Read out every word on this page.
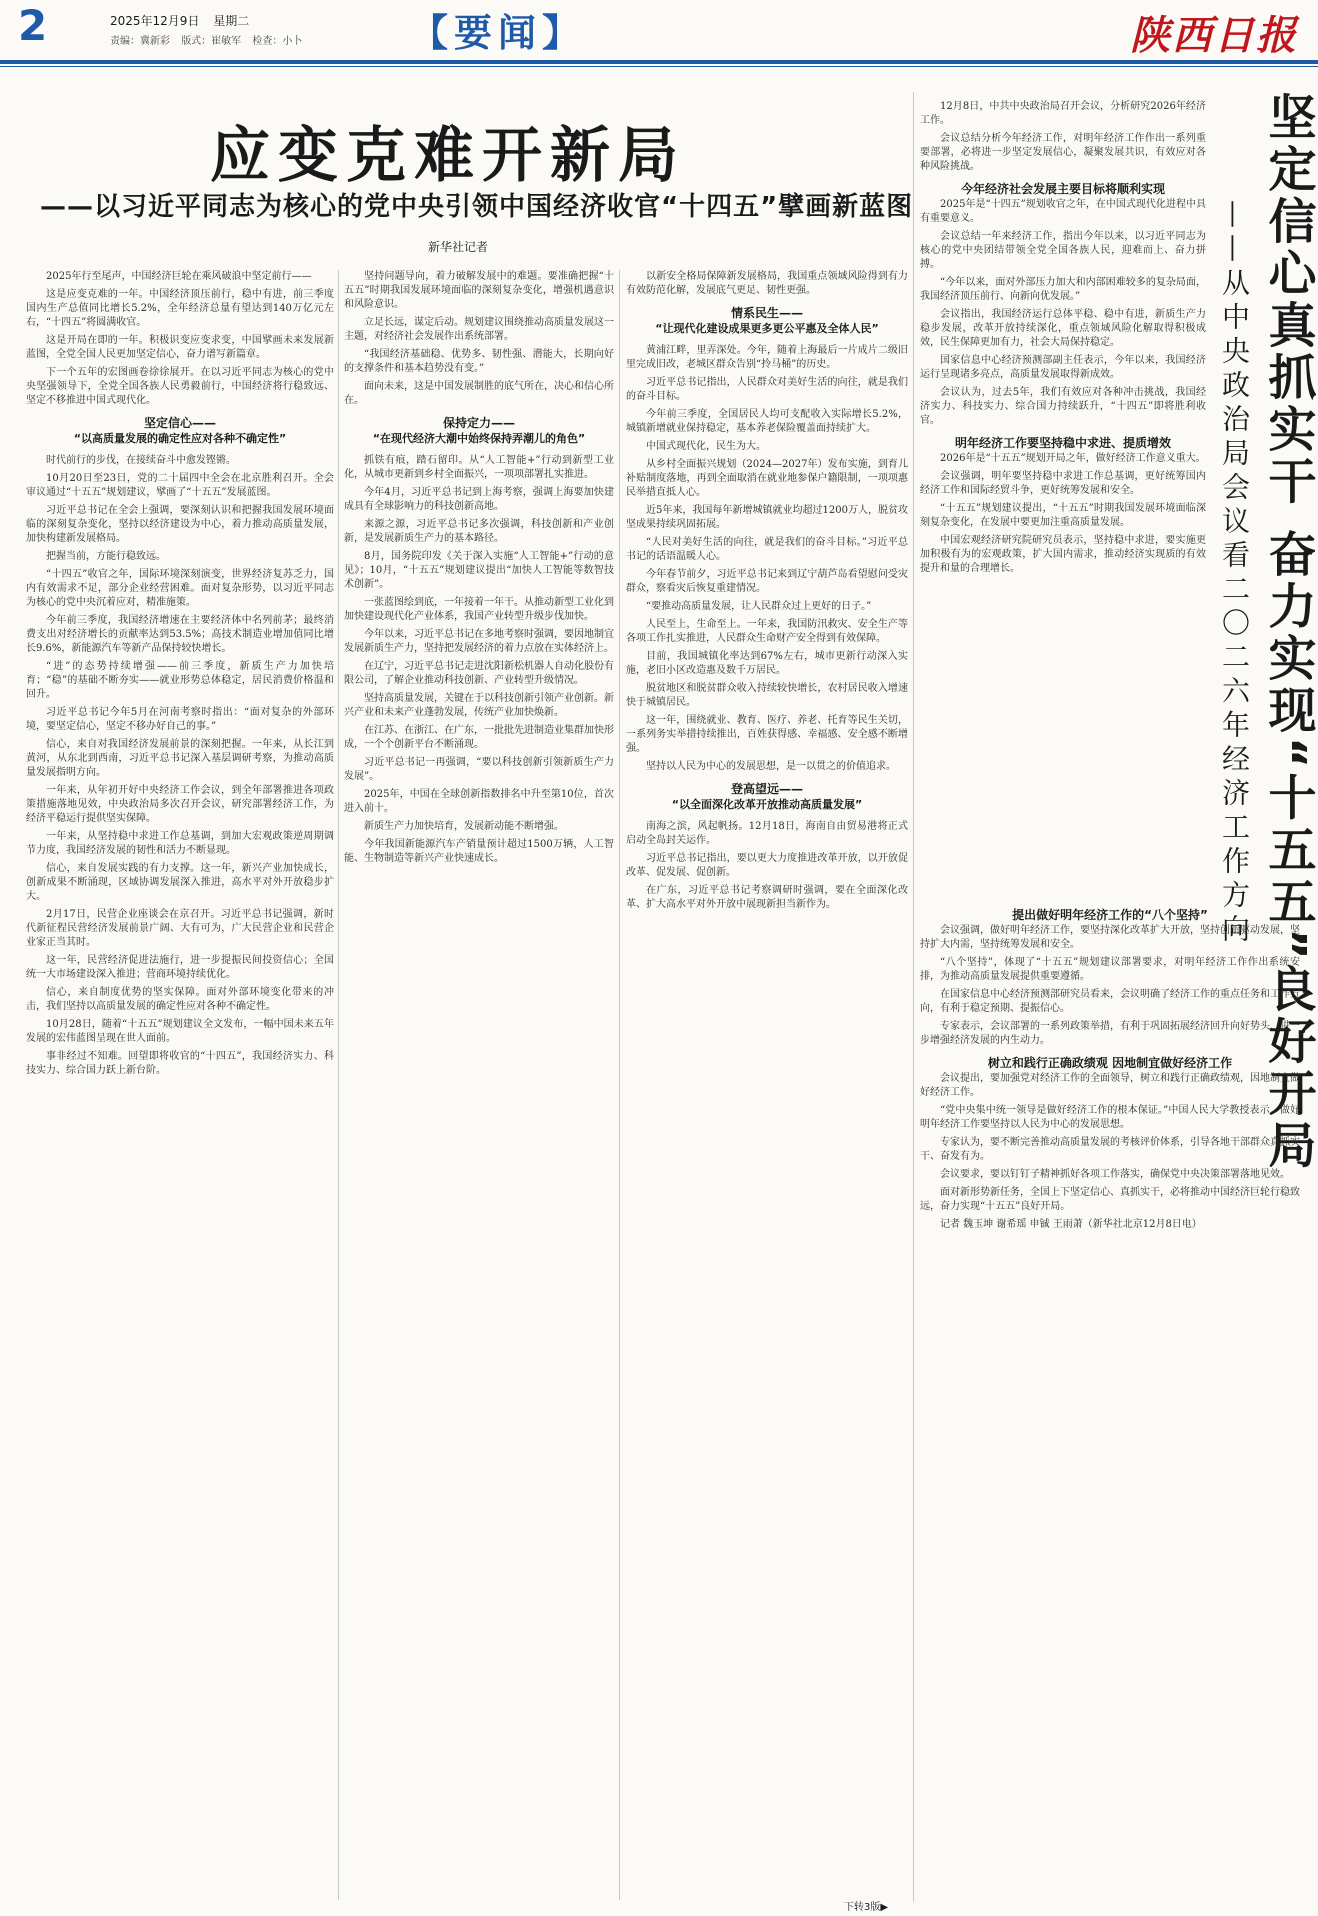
2	2025年12月9日 星期二
责编：冀新彩 版式：崔敏军 检查：小卜	【要闻】	陕西日报
应变克难开新局
——以习近平同志为核心的党中央引领中国经济收官“十四五”擘画新蓝图
新华社记者	坚定信心真抓实干 奋力实现“十五五”良好开局
——从中央政治局会议看二〇二六年经济工作方向

2025年行至尾声，中国经济巨轮在乘风破浪中坚定前行——

这是应变克难的一年。中国经济顶压前行，稳中有进，前三季度国内生产总值同比增长5.2%，全年经济总量有望达到140万亿元左右，“十四五”将圆满收官。

这是开局在即的一年。积极识变应变求变，中国擘画未来发展新蓝图，全党全国人民更加坚定信心，奋力谱写新篇章。

下一个五年的宏图画卷徐徐展开。在以习近平同志为核心的党中央坚强领导下，全党全国各族人民勇毅前行，中国经济将行稳致远、坚定不移推进中国式现代化。

坚定信心——
“以高质量发展的确定性应对各种不确定性”

时代前行的步伐，在接续奋斗中愈发铿锵。

10月20日至23日，党的二十届四中全会在北京胜利召开。全会审议通过“十五五”规划建议，擘画了“十五五”发展蓝图。

习近平总书记在全会上强调，要深刻认识和把握我国发展环境面临的深刻复杂变化，坚持以经济建设为中心，着力推动高质量发展，加快构建新发展格局。

把握当前，方能行稳致远。

“十四五”收官之年，国际环境深刻演变，世界经济复苏乏力，国内有效需求不足，部分企业经营困难。面对复杂形势，以习近平同志为核心的党中央沉着应对，精准施策。

今年前三季度，我国经济增速在主要经济体中名列前茅；最终消费支出对经济增长的贡献率达到53.5%；高技术制造业增加值同比增长9.6%，新能源汽车等新产品保持较快增长。

“进”的态势持续增强——前三季度，新质生产力加快培育；“稳”的基础不断夯实——就业形势总体稳定，居民消费价格温和回升。

习近平总书记今年5月在河南考察时指出：“面对复杂的外部环境，要坚定信心，坚定不移办好自己的事。”

信心，来自对我国经济发展前景的深刻把握。一年来，从长江到黄河，从东北到西南，习近平总书记深入基层调研考察，为推动高质量发展指明方向。

一年来，从年初开好中央经济工作会议，到全年部署推进各项政策措施落地见效，中央政治局多次召开会议，研究部署经济工作，为经济平稳运行提供坚实保障。

一年来，从坚持稳中求进工作总基调，到加大宏观政策逆周期调节力度，我国经济发展的韧性和活力不断显现。

信心，来自发展实践的有力支撑。这一年，新兴产业加快成长，创新成果不断涌现，区域协调发展深入推进，高水平对外开放稳步扩大。

2月17日，民营企业座谈会在京召开。习近平总书记强调，新时代新征程民营经济发展前景广阔、大有可为，广大民营企业和民营企业家正当其时。

这一年，民营经济促进法施行，进一步提振民间投资信心；全国统一大市场建设深入推进；营商环境持续优化。

信心，来自制度优势的坚实保障。面对外部环境变化带来的冲击，我们坚持以高质量发展的确定性应对各种不确定性。

10月28日，随着“十五五”规划建议全文发布，一幅中国未来五年发展的宏伟蓝图呈现在世人面前。

事非经过不知难。回望即将收官的“十四五”，我国经济实力、科技实力、综合国力跃上新台阶。

坚持问题导向，着力破解发展中的难题。要准确把握“十五五”时期我国发展环境面临的深刻复杂变化，增强机遇意识和风险意识。

立足长远，谋定后动。规划建议围绕推动高质量发展这一主题，对经济社会发展作出系统部署。

“我国经济基础稳、优势多、韧性强、潜能大，长期向好的支撑条件和基本趋势没有变。”

面向未来，这是中国发展制胜的底气所在，决心和信心所在。

保持定力——
“在现代经济大潮中始终保持弄潮儿的角色”

抓铁有痕，踏石留印。从“人工智能+”行动到新型工业化，从城市更新到乡村全面振兴，一项项部署扎实推进。

今年4月，习近平总书记到上海考察，强调上海要加快建成具有全球影响力的科技创新高地。

来源之源，习近平总书记多次强调，科技创新和产业创新，是发展新质生产力的基本路径。

8月，国务院印发《关于深入实施“人工智能+”行动的意见》；10月，“十五五”规划建议提出“加快人工智能等数智技术创新”。

一张蓝图绘到底，一年接着一年干。从推动新型工业化到加快建设现代化产业体系，我国产业转型升级步伐加快。

今年以来，习近平总书记在多地考察时强调，要因地制宜发展新质生产力，坚持把发展经济的着力点放在实体经济上。

在辽宁，习近平总书记走进沈阳新松机器人自动化股份有限公司，了解企业推动科技创新、产业转型升级情况。

坚持高质量发展，关键在于以科技创新引领产业创新。新兴产业和未来产业蓬勃发展，传统产业加快焕新。

在江苏、在浙江、在广东，一批批先进制造业集群加快形成，一个个创新平台不断涌现。

习近平总书记一再强调，“要以科技创新引领新质生产力发展”。

2025年，中国在全球创新指数排名中升至第10位，首次进入前十。

新质生产力加快培育，发展新动能不断增强。

今年我国新能源汽车产销量预计超过1500万辆，人工智能、生物制造等新兴产业快速成长。

以新安全格局保障新发展格局，我国重点领域风险得到有力有效防范化解，发展底气更足、韧性更强。

情系民生——
“让现代化建设成果更多更公平惠及全体人民”

黄浦江畔，里弄深处。今年，随着上海最后一片成片二级旧里完成旧改，老城区群众告别“拎马桶”的历史。

习近平总书记指出，人民群众对美好生活的向往，就是我们的奋斗目标。

今年前三季度，全国居民人均可支配收入实际增长5.2%，城镇新增就业保持稳定，基本养老保险覆盖面持续扩大。

中国式现代化，民生为大。

从乡村全面振兴规划（2024—2027年）发布实施，到育儿补贴制度落地，再到全面取消在就业地参保户籍限制，一项项惠民举措直抵人心。

近5年来，我国每年新增城镇就业均超过1200万人，脱贫攻坚成果持续巩固拓展。

“人民对美好生活的向往，就是我们的奋斗目标。”习近平总书记的话语温暖人心。

今年春节前夕，习近平总书记来到辽宁葫芦岛看望慰问受灾群众，察看灾后恢复重建情况。

“要推动高质量发展，让人民群众过上更好的日子。”

人民至上，生命至上。一年来，我国防汛救灾、安全生产等各项工作扎实推进，人民群众生命财产安全得到有效保障。

目前，我国城镇化率达到67%左右，城市更新行动深入实施，老旧小区改造惠及数千万居民。

脱贫地区和脱贫群众收入持续较快增长，农村居民收入增速快于城镇居民。

这一年，围绕就业、教育、医疗、养老、托育等民生关切，一系列务实举措持续推出，百姓获得感、幸福感、安全感不断增强。

坚持以人民为中心的发展思想，是一以贯之的价值追求。

登高望远——
“以全面深化改革开放推动高质量发展”

南海之滨，风起帆扬。12月18日，海南自由贸易港将正式启动全岛封关运作。

习近平总书记指出，要以更大力度推进改革开放，以开放促改革、促发展、促创新。

在广东，习近平总书记考察调研时强调，要在全面深化改革、扩大高水平对外开放中展现新担当新作为。

12月8日，中共中央政治局召开会议，分析研究2026年经济工作。

会议总结分析今年经济工作，对明年经济工作作出一系列重要部署，必将进一步坚定发展信心，凝聚发展共识，有效应对各种风险挑战。

今年经济社会发展主要目标将顺利实现

2025年是“十四五”规划收官之年，在中国式现代化进程中具有重要意义。

会议总结一年来经济工作，指出今年以来，以习近平同志为核心的党中央团结带领全党全国各族人民，迎难而上、奋力拼搏。

“今年以来，面对外部压力加大和内部困难较多的复杂局面，我国经济顶压前行、向新向优发展。”

会议指出，我国经济运行总体平稳、稳中有进，新质生产力稳步发展，改革开放持续深化，重点领域风险化解取得积极成效，民生保障更加有力，社会大局保持稳定。

国家信息中心经济预测部副主任表示，今年以来，我国经济运行呈现诸多亮点，高质量发展取得新成效。

会议认为，过去5年，我们有效应对各种冲击挑战，我国经济实力、科技实力、综合国力持续跃升，“十四五”即将胜利收官。

明年经济工作要坚持稳中求进、提质增效

2026年是“十五五”规划开局之年，做好经济工作意义重大。

会议强调，明年要坚持稳中求进工作总基调，更好统筹国内经济工作和国际经贸斗争，更好统筹发展和安全。

“十五五”规划建议提出，“十五五”时期我国发展环境面临深刻复杂变化，在发展中要更加注重高质量发展。

中国宏观经济研究院研究员表示，坚持稳中求进，要实施更加积极有为的宏观政策，扩大国内需求，推动经济实现质的有效提升和量的合理增长。

提出做好明年经济工作的“八个坚持”

会议强调，做好明年经济工作，要坚持深化改革扩大开放，坚持创新驱动发展，坚持扩大内需，坚持统筹发展和安全。

“八个坚持”，体现了“十五五”规划建议部署要求，对明年经济工作作出系统安排，为推动高质量发展提供重要遵循。

在国家信息中心经济预测部研究员看来，会议明确了经济工作的重点任务和工作方向，有利于稳定预期、提振信心。

专家表示，会议部署的一系列政策举措，有利于巩固拓展经济回升向好势头，进一步增强经济发展的内生动力。

树立和践行正确政绩观 因地制宜做好经济工作

会议提出，要加强党对经济工作的全面领导，树立和践行正确政绩观，因地制宜做好经济工作。

“党中央集中统一领导是做好经济工作的根本保证。”中国人民大学教授表示，做好明年经济工作要坚持以人民为中心的发展思想。

专家认为，要不断完善推动高质量发展的考核评价体系，引导各地干部群众真抓实干、奋发有为。

会议要求，要以钉钉子精神抓好各项工作落实，确保党中央决策部署落地见效。

面对新形势新任务，全国上下坚定信心、真抓实干，必将推动中国经济巨轮行稳致远，奋力实现“十五五”良好开局。

记者 魏玉坤 谢希瑶 申铖 王雨萧（新华社北京12月8日电）

下转3版▶
